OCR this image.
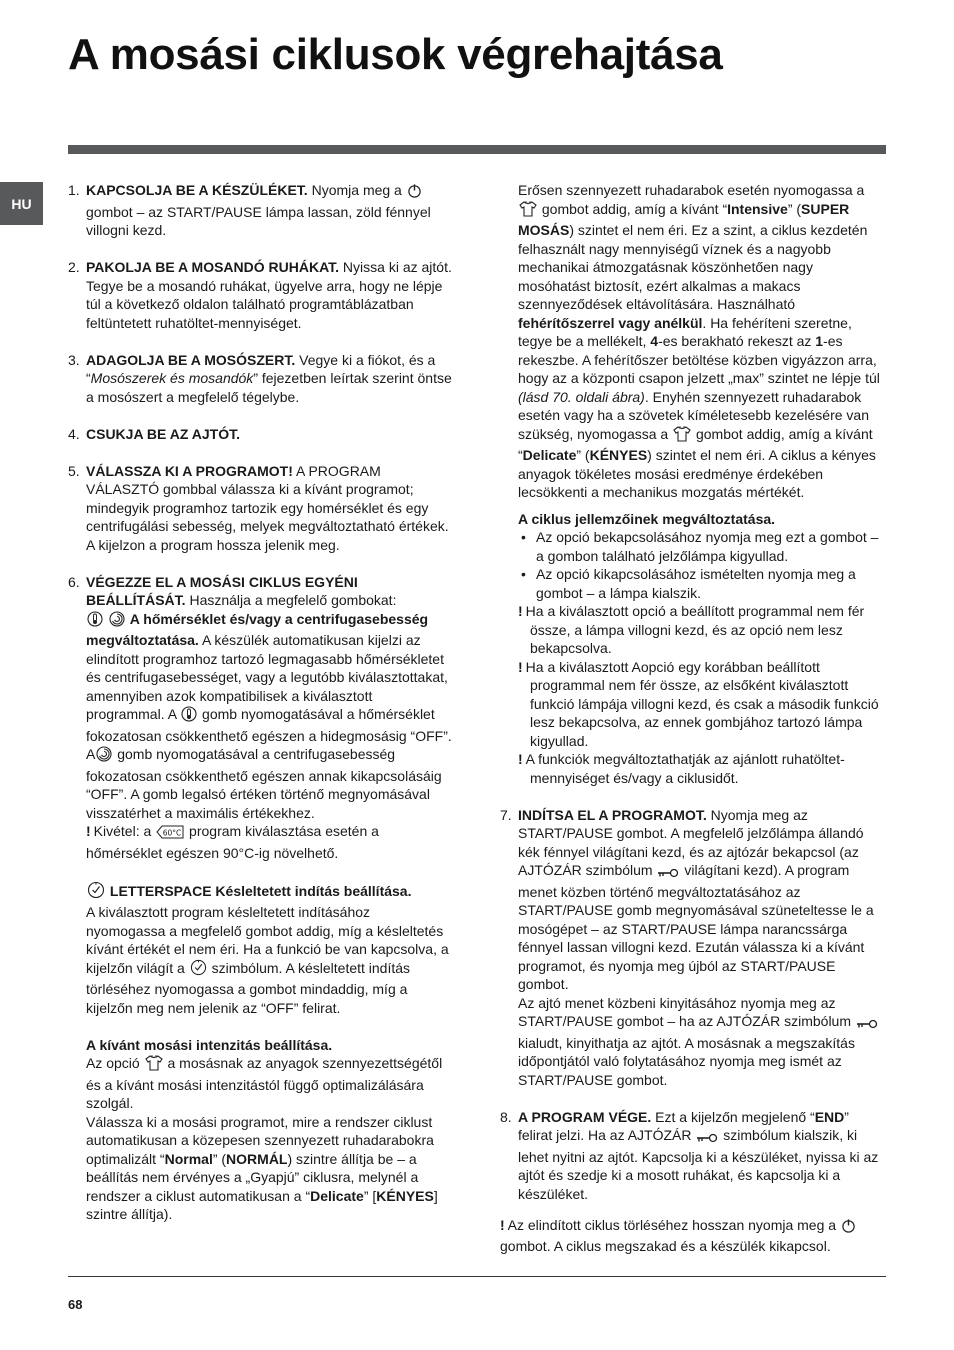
A mosási ciklusok végrehajtása
HU
1. KAPCSOLJA BE A KÉSZÜLÉKET. Nyomja meg a  gombot – az START/PAUSE lámpa lassan, zöld fénnyel villogni kezd.

2. PAKOLJA BE A MOSANDÓ RUHÁKAT. Nyissa ki az ajtót. Tegye be a mosandó ruhákat, ügyelve arra, hogy ne lépje túl a következő oldalon található programtáblázatban feltüntetett ruhatöltet-mennyiséget.

3. ADAGOLJA BE A MOSÓSZERT. Vegye ki a fiókot, és a “Mosószerek és mosandók” fejezetben leírtak szerint öntse a mosószert a megfelelő tégelybe.

4. CSUKJA BE AZ AJTÓT.

5. VÁLASSZA KI A PROGRAMOT! A PROGRAM VÁLASZTÓ gombbal válassza ki a kívánt programot; mindegyik programhoz tartozik egy homérséklet és egy centrifugálási sebesség, melyek megváltoztatható értékek. A kijelzon a program hossza jelenik meg.

6. VÉGEZZE EL A MOSÁSI CIKLUS EGYÉNI BEÁLLÍTÁSÁT. Használja a megfelelő gombokat:

A hőmérséklet és/vagy a centrifugasebesség megváltoztatása. A készülék automatikusan kijelzi az elindított programhoz tartozó legmagasabb hőmérsékletet és centrifugasebességet, vagy a legutóbb kiválasztottakat, amennyiben azok kompatibilisek a kiválasztott programmal. A  gomb nyomogatásával a hőmérséklet fokozatosan csökkenthető egészen a hidegmosásig “OFF”.

A gomb nyomogatásával a centrifugasebesség fokozatosan csökkenthető egészen annak kikapcsolásáig “OFF”. A gomb legalsó értéken történő megnyomásával visszatérhet a maximális értékekhez.

! Kivétel: a 60°C program kiválasztása esetén a hőmérséklet egészen 90°C-ig növelhető.

LETTERSPACE Késleltetett indítás beállítása.

A kiválasztott program késleltetett indításához nyomogassa a megfelelő gombot addig, míg a késleltetés kívánt értékét el nem éri. Ha a funkció be van kapcsolva, a kijelzőn világít a  szimbólum. A késleltetett indítás törléséhez nyomogassa a gombot mindaddig, míg a kijelzőn meg nem jelenik az “OFF” felirat.

A kívánt mosási intenzitás beállítása.

Az opció  a mosásnak az anyagok szennyezettségétől és a kívánt mosási intenzitástól függő optimalizálására szolgál.

Válassza ki a mosási programot, mire a rendszer ciklust automatikusan a közepesen szennyezett ruhadarabokra optimalizált “Normal” (NORMÁL) szintre állítja be – a beállítás nem érvényes a „Gyapjú” ciklusra, melynél a rendszer a ciklust automatikusan a “Delicate” [KÉNYES] szintre állítja).

Erősen szennyezett ruhadarabok esetén nyomogassa a  gombot addig, amíg a kívánt “Intensive” (SUPER MOSÁS) szintet el nem éri. Ez a szint, a ciklus kezdetén felhasznált nagy mennyiségű víznek és a nagyobb mechanikai átmozgatásnak köszönhetően nagy mosóhatást biztosít, ezért alkalmas a makacs szennyeződések eltávolítására. Használható fehérítőszerrel vagy anélkül. Ha fehéríteni szeretne, tegye be a mellékelt, 4-es berakható rekeszt az 1-es rekeszbe. A fehérítőszer betöltése közben vigyázzon arra, hogy az a központi csapon jelzett „max” szintet ne lépje túl (lásd 70. oldali ábra). Enyhén szennyezett ruhadarabok esetén vagy ha a szövetek kíméletesebb kezelésére van szükség, nyomogassa a  gombot addig, amíg a kívánt “Delicate” (KÉNYES) szintet el nem éri. A ciklus a kényes anyagok tökéletes mosási eredménye érdekében lecsökkenti a mechanikus mozgatás mértékét.

A ciklus jellemzőinek megváltoztatása.

• Az opció bekapcsolásához nyomja meg ezt a gombot – a gombon található jelzőlámpa kigyullad.
• Az opció kikapcsolásához ismételten nyomja meg a gombot – a lámpa kialszik.

! Ha a kiválasztott opció a beállított programmal nem fér össze, a lámpa villogni kezd, és az opció nem lesz bekapcsolva.

! Ha a kiválasztott Aopció egy korábban beállított programmal nem fér össze, az elsőként kiválasztott funkció lámpája villogni kezd, és csak a második funkció lesz bekapcsolva, az ennek gombjához tartozó lámpa kigyullad.

! A funkciók megváltoztathatják az ajánlott ruhatöltet-mennyiséget és/vagy a ciklusidőt.

7. INDÍTSA EL A PROGRAMOT. Nyomja meg az START/PAUSE gombot. A megfelelő jelzőlámpa állandó kék fénnyel világítani kezd, és az ajtózár bekapcsol (az AJTÓZÁR szimbólum  világítani kezd). A program menet közben történő megváltoztatásához az START/PAUSE gomb megnyomásával szüneteltesse le a mosógépet – az START/PAUSE lámpa narancssárga fénnyel lassan villogni kezd. Ezután válassza ki a kívánt programot, és nyomja meg újból az START/PAUSE gombot.

Az ajtó menet közbeni kinyitásához nyomja meg az START/PAUSE gombot – ha az AJTÓZÁR szimbólum  kialudt, kinyithatja az ajtót. A mosásnak a megszakítás időpontjától való folytatásához nyomja meg ismét az START/PAUSE gombot.

8. A PROGRAM VÉGE. Ezt a kijelzőn megjelenő “END” felirat jelzi. Ha az AJTÓZÁR  szimbólum kialszik, ki lehet nyitni az ajtót. Kapcsolja ki a készüléket, nyissa ki az ajtót és szedje ki a mosott ruhákat, és kapcsolja ki a készüléket.

! Az elindított ciklus törléséhez hosszan nyomja meg a  gombot. A ciklus megszakad és a készülék kikapcsol.

68
